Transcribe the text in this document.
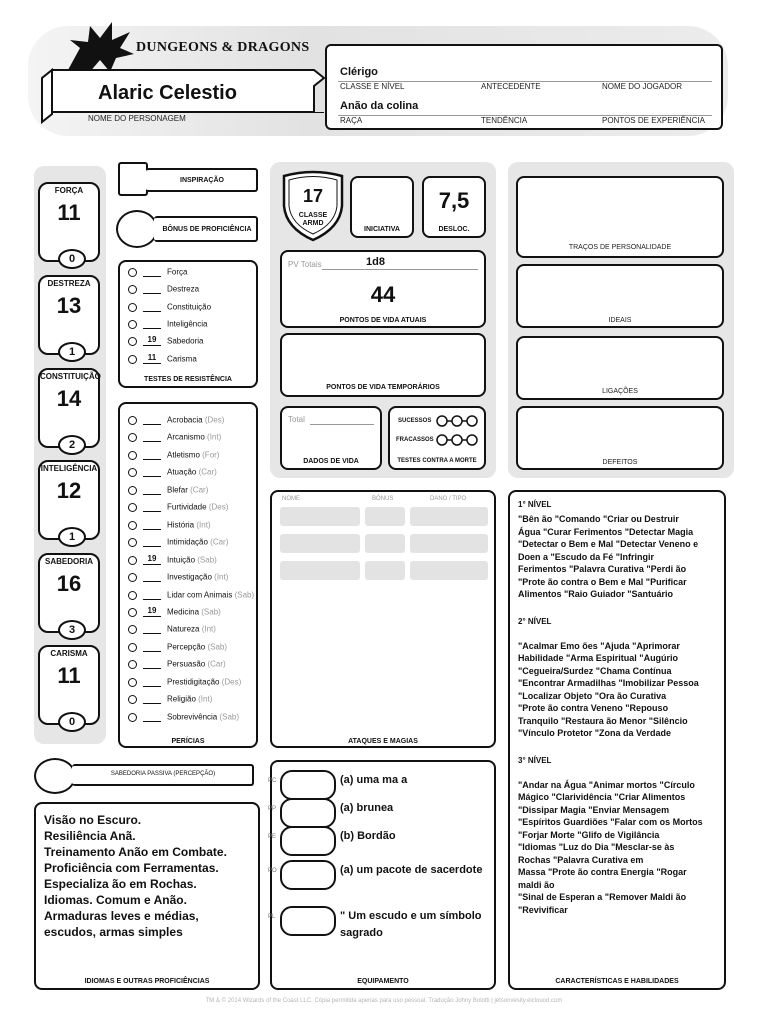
DUNGEONS & DRAGONS
Alaric Celestio
NOME DO PERSONAGEM
Clérigo
CLASSE E NÍVEL	ANTECEDENTE	NOME DO JOGADOR
Anão da colina
RAÇA	TENDÊNCIA	PONTOS DE EXPERIÊNCIA
FORÇA
11
0
DESTREZA
13
1
CONSTITUIÇÃO
14
2
INTELIGÊNCIA
12
1
SABEDORIA
16
3
CARISMA
11
0
INSPIRAÇÃO
BÔNUS DE PROFICIÊNCIA
Força
Destreza
Constituição
Inteligência
19 Sabedoria
11 Carisma
TESTES DE RESISTÊNCIA
Acrobacia (Des)
Arcanismo (Int)
Atletismo (For)
Atuação (Car)
Blefar (Car)
Furtividade (Des)
História (Int)
Intimidação (Car)
19 Intuição (Sab)
Investigação (Int)
Lidar com Animais (Sab)
19 Medicina (Sab)
Natureza (Int)
Percepção (Sab)
Persuasão (Car)
Prestidigitação (Des)
Religião (Int)
Sobrevivência (Sab)
PERÍCIAS
17
CLASSE ARMD
INICIATIVA
7,5
DESLOC.
PV Totais	1d8
44
PONTOS DE VIDA ATUAIS
PONTOS DE VIDA TEMPORÁRIOS
Total
DADOS DE VIDA
SUCESSOS
FRACASSOS
TESTES CONTRA A MORTE
TRAÇOS DE PERSONALIDADE
IDEAIS
LIGAÇÕES
DEFEITOS
NOME	BÔNUS	DANO / TIPO
ATAQUES E MAGIAS
1° NÍVEL
"Bên ão "Comando "Criar ou Destruir
Água "Curar Ferimentos "Detectar Magia
"Detectar o Bem e Mal "Detectar Veneno e
Doen a "Escudo da Fé "Infringir
Ferimentos "Palavra Curativa "Perdi ão
"Prote ão contra o Bem e Mal "Purificar
Alimentos "Raio Guiador "Santuário
2° NÍVEL
"Acalmar Emo ões "Ajuda "Aprimorar
Habilidade "Arma Espiritual "Augúrio
"Cegueira/Surdez "Chama Contínua
"Encontrar Armadilhas "Imobilizar Pessoa
"Localizar Objeto "Ora ão Curativa
"Prote ão contra Veneno "Repouso
Tranquilo "Restaura ão Menor "Silêncio
"Vínculo Protetor "Zona da Verdade
3° NÍVEL
"Andar na Água "Animar mortos "Círculo
Mágico "Clarividência "Criar Alimentos
"Dissipar Magia "Enviar Mensagem
"Espíritos Guardiões "Falar com os Mortos
"Forjar Morte "Glifo de Vigilância
"Idiomas "Luz do Dia "Mesclar-se às
Rochas "Palavra Curativa em
Massa "Prote ão contra Energia "Rogar
maldi ão
"Sinal de Esperan a "Remover Maldi ão
"Revivificar
CARACTERÍSTICAS E HABILIDADES
SABEDORIA PASSIVA (PERCEPÇÃO)
Visão no Escuro.
Resiliência Anã.
Treinamento Anão em Combate.
Proficiência com Ferramentas.
Especializa ão em Rochas.
Idiomas. Comum e Anão.
Armaduras leves e médias,
escudos, armas simples
IDIOMAS E OUTRAS PROFICIÊNCIAS
PC	(a) uma ma a
PP	(a) brunea
PE	(b) Bordão
PO	(a) um pacote de sacerdote
PL	" Um escudo e um símbolo sagrado
EQUIPAMENTO
TM & © 2014 Wizards of the Coast LLC. Cópia permitida apenas para uso pessoal. Tradução Johny Bolotti | jetsonvesity.eiclouod.com
